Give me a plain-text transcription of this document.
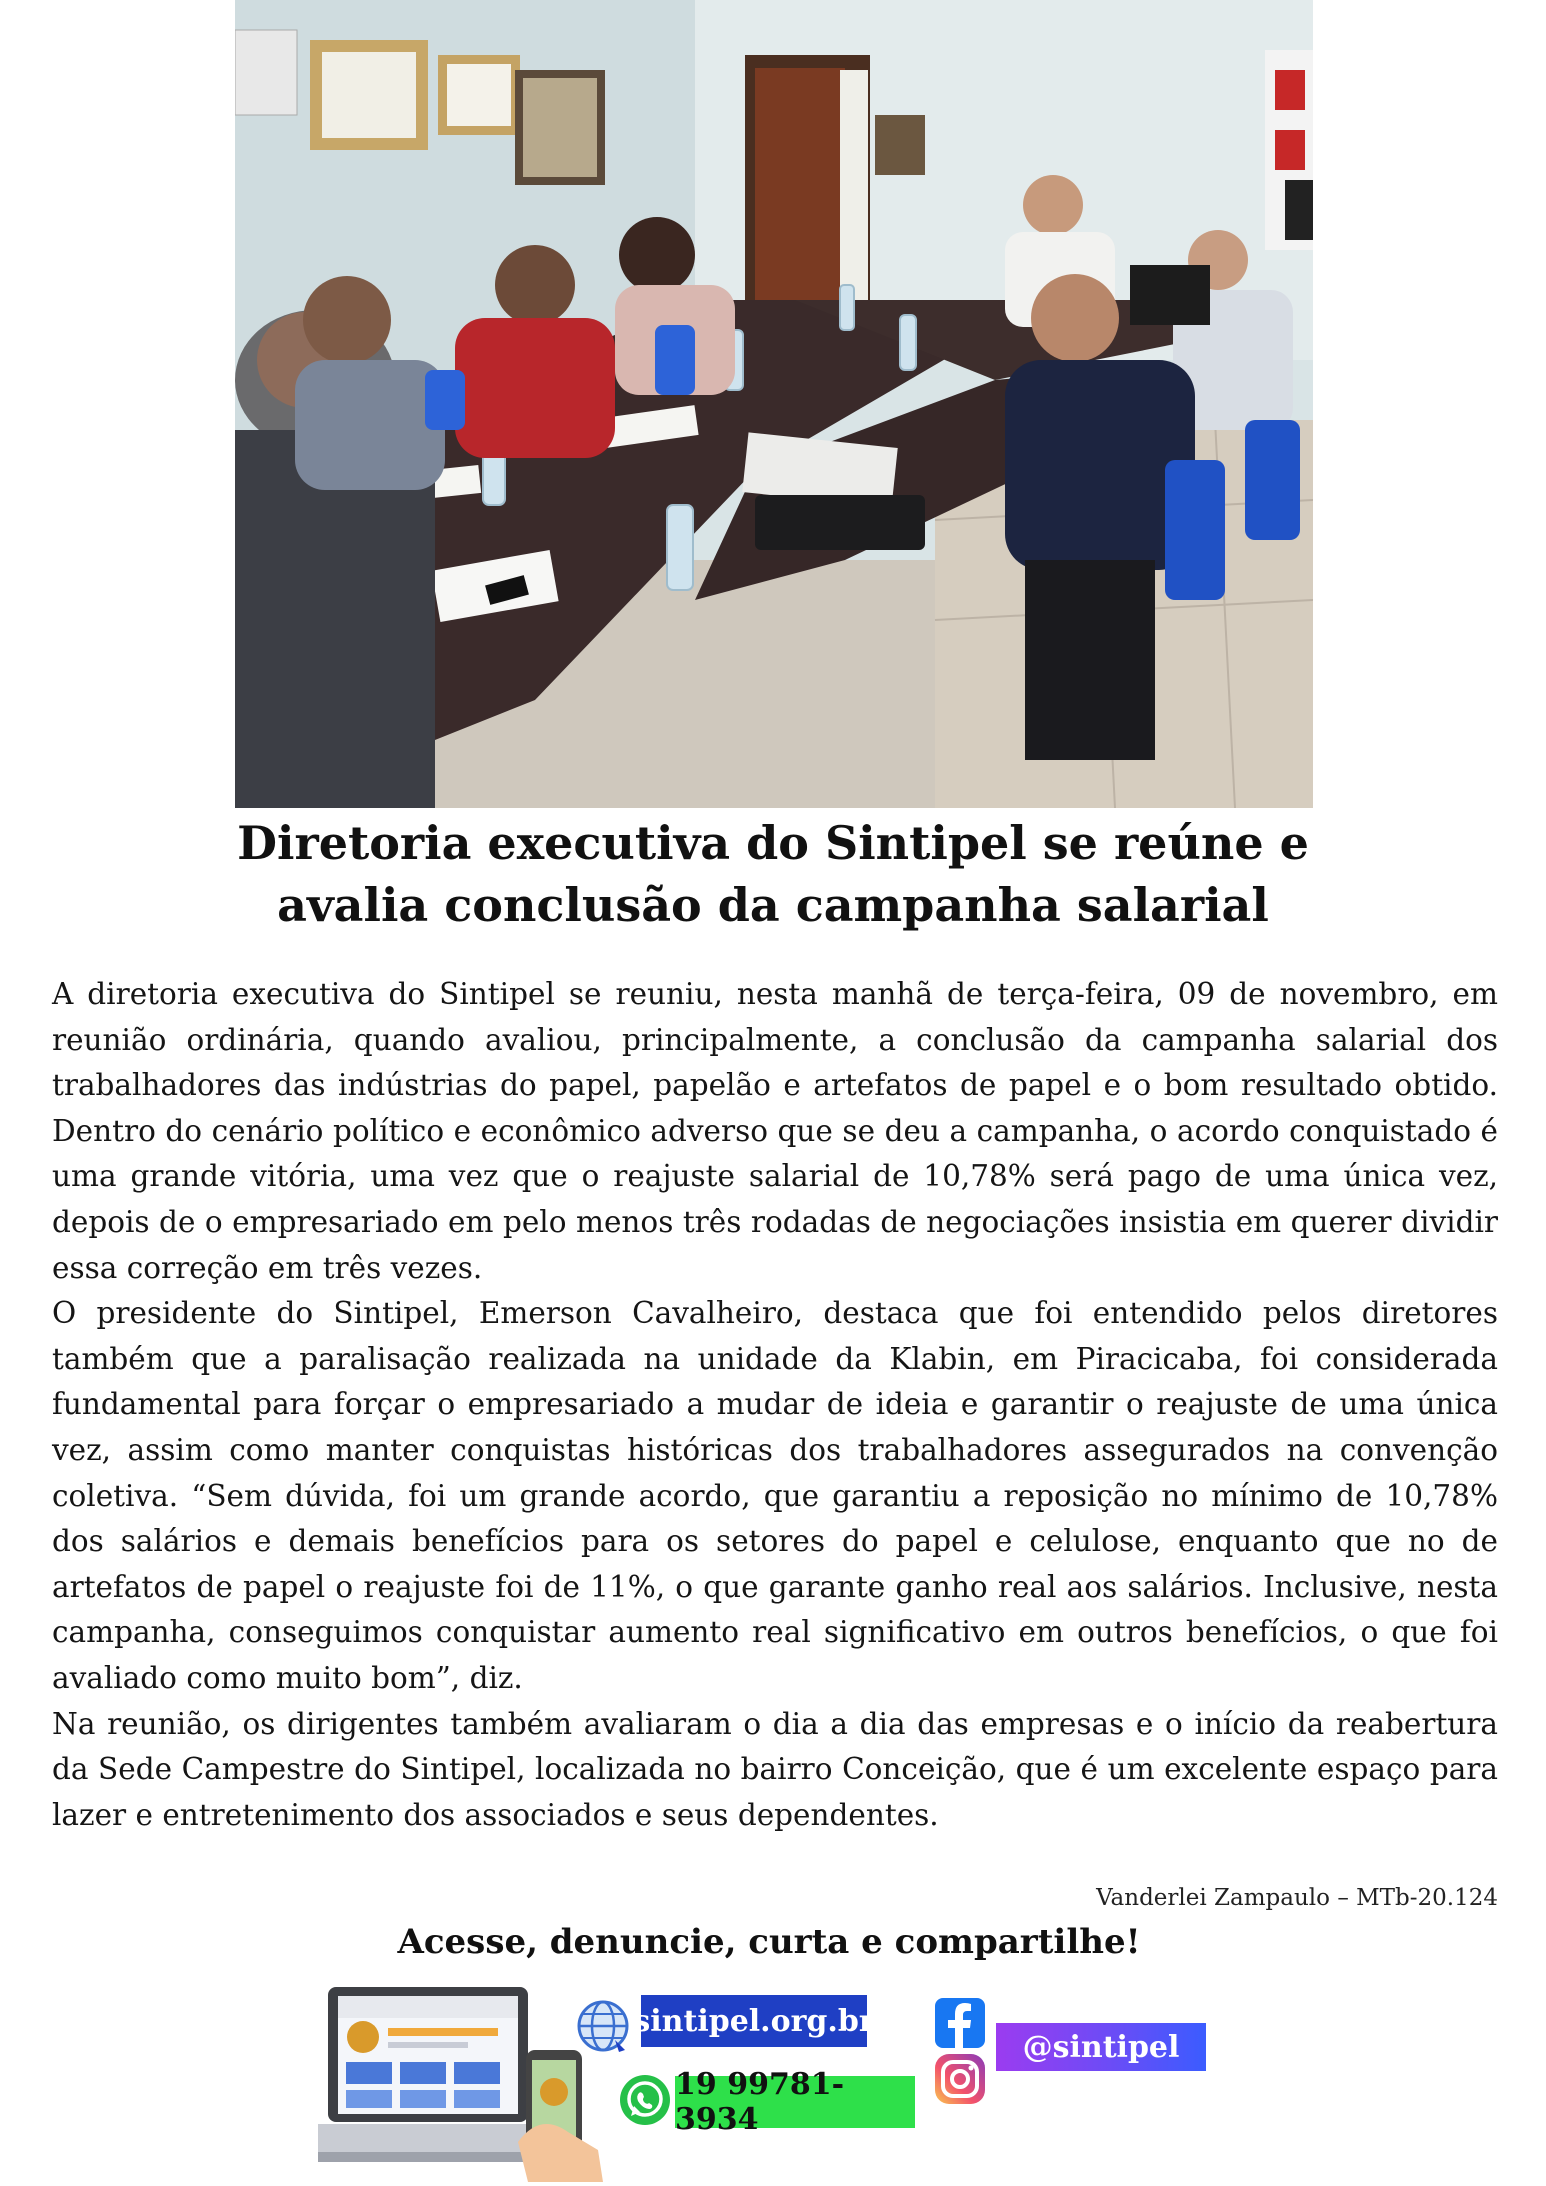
Diretoria executiva do Sintipel se reúne e
avalia conclusão da campanha salarial

A diretoria executiva do Sintipel se reuniu, nesta manhã de terça-feira, 09 de novembro, em reunião ordinária, quando avaliou, principalmente, a conclusão da campanha salarial dos trabalhadores das indústrias do papel, papelão e artefatos de papel e o bom resultado obtido. Dentro do cenário político e econômico adverso que se deu a campanha, o acordo conquistado é uma grande vitória, uma vez que o reajuste salarial de 10,78% será pago de uma única vez, depois de o empresariado em pelo menos três rodadas de negociações insistia em querer dividir essa correção em três vezes.

O presidente do Sintipel, Emerson Cavalheiro, destaca que foi entendido pelos diretores também que a paralisação realizada na unidade da Klabin, em Piracicaba, foi considerada fundamental para forçar o empresariado a mudar de ideia e garantir o reajuste de uma única vez, assim como manter conquistas históricas dos trabalhadores assegurados na convenção coletiva. “Sem dúvida, foi um grande acordo, que garantiu a reposição no mínimo de 10,78% dos salários e demais benefícios para os setores do papel e celulose, enquanto que no de artefatos de papel o reajuste foi de 11%, o que garante ganho real aos salários. Inclusive, nesta campanha, conseguimos conquistar aumento real significativo em outros benefícios, o que foi avaliado como muito bom”, diz.

Na reunião, os dirigentes também avaliaram o dia a dia das empresas e o início da reabertura da Sede Campestre do Sintipel, localizada no bairro Conceição, que é um excelente espaço para lazer e entretenimento dos associados e seus dependentes.

Vanderlei Zampaulo – MTb-20.124
Acesse, denuncie, curta e compartilhe!
sintipel.org.br
19 99781-3934
@sintipel
